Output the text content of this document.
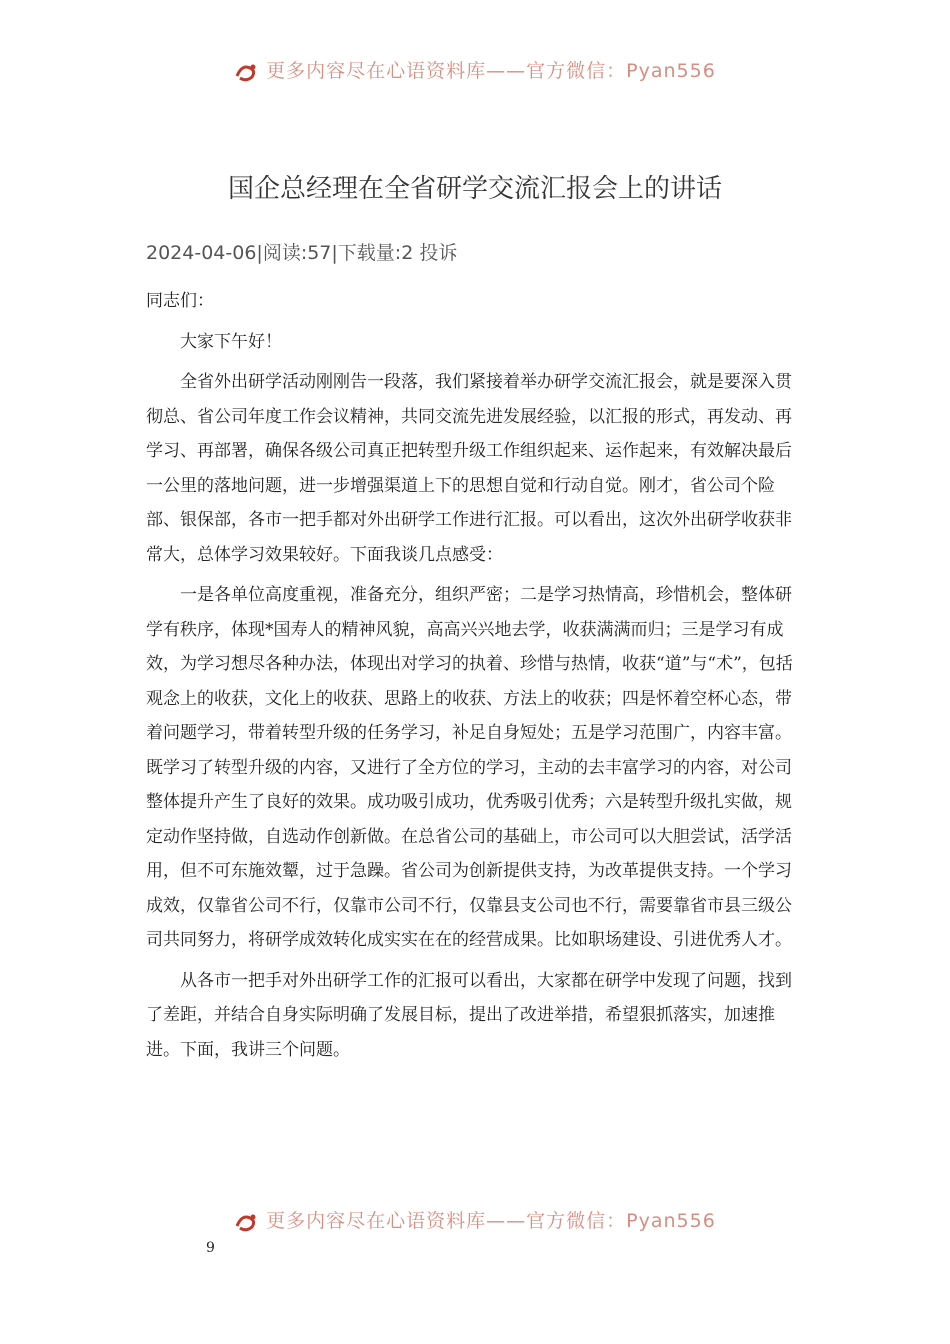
更多内容尽在心语资料库——官方微信：Pyan556
国企总经理在全省研学交流汇报会上的讲话
2024-04-06|阅读:57|下载量:2 投诉

同志们：

大家下午好！

全省外出研学活动刚刚告一段落，我们紧接着举办研学交流汇报会，就是要深入贯彻总、省公司年度工作会议精神，共同交流先进发展经验，以汇报的形式，再发动、再学习、再部署，确保各级公司真正把转型升级工作组织起来、运作起来，有效解决最后一公里的落地问题，进一步增强渠道上下的思想自觉和行动自觉。刚才，省公司个险部、银保部，各市一把手都对外出研学工作进行汇报。可以看出，这次外出研学收获非常大，总体学习效果较好。下面我谈几点感受：

一是各单位高度重视，准备充分，组织严密；二是学习热情高，珍惜机会，整体研学有秩序，体现*国寿人的精神风貌，高高兴兴地去学，收获满满而归；三是学习有成效，为学习想尽各种办法，体现出对学习的执着、珍惜与热情，收获“道”与“术”，包括观念上的收获，文化上的收获、思路上的收获、方法上的收获；四是怀着空杯心态，带着问题学习，带着转型升级的任务学习，补足自身短处；五是学习范围广，内容丰富。既学习了转型升级的内容，又进行了全方位的学习，主动的去丰富学习的内容，对公司整体提升产生了良好的效果。成功吸引成功，优秀吸引优秀；六是转型升级扎实做，规定动作坚持做，自选动作创新做。在总省公司的基础上，市公司可以大胆尝试，活学活用，但不可东施效颦，过于急躁。省公司为创新提供支持，为改革提供支持。一个学习成效，仅靠省公司不行，仅靠市公司不行，仅靠县支公司也不行，需要靠省市县三级公司共同努力，将研学成效转化成实实在在的经营成果。比如职场建设、引进优秀人才。

从各市一把手对外出研学工作的汇报可以看出，大家都在研学中发现了问题，找到了差距，并结合自身实际明确了发展目标，提出了改进举措，希望狠抓落实，加速推进。下面，我讲三个问题。

更多内容尽在心语资料库——官方微信：Pyan556
9
